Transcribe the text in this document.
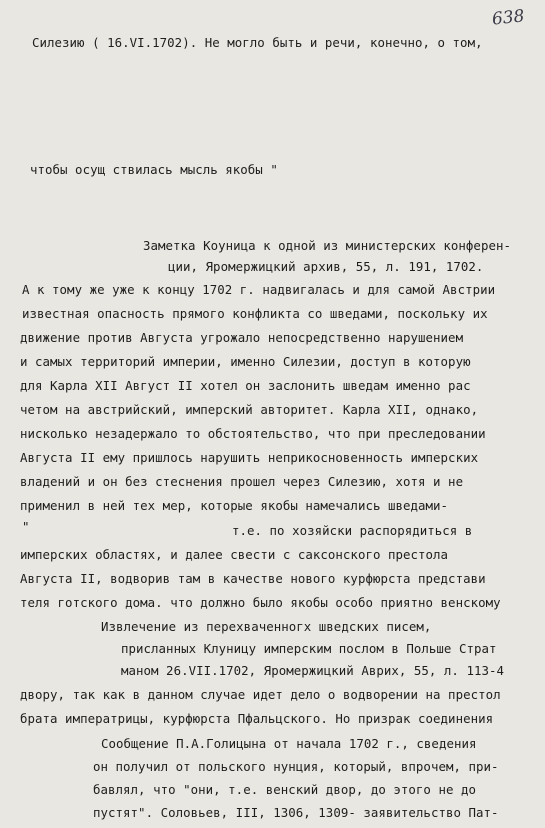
638
Силезию ( 16.VI.1702). Не могло быть и речи, конечно, о том,
чтобы осущ ствилась мысль якобы "
Заметка Коуница к одной из министерских конферен-
ции, Яромержицкий архив, 55, л. 191, 1702.
А к тому же уже к концу 1702 г. надвигалась и для самой Австрии
известная опасность прямого конфликта со шведами, поскольку их
движение против Августа угрожало непосредственно нарушением
и самых территорий империи, именно Силезии, доступ в которую
для Карла XII Август II хотел он заслонить шведам именно рас
четом на австрийский, имперский авторитет. Карла XII, однако,
нисколько незадержало то обстоятельство, что при преследовании
Августа II ему пришлось нарушить неприкосновенность имперских
владений и он без стеснения прошел через Силезию, хотя и не
применил в ней тех мер, которые якобы намечались шведами-
"	т.е. по хозяйски распорядиться в
имперских областях, и далее свести с саксонского престола
Августа II, водворив там в качестве нового курфюрста представи
теля готского дома. что должно было якобы особо приятно венскому
Извлечение из перехваченногх шведских писем,
присланных Клуницу имперским послом в Польше Страт
маном 26.VII.1702, Яромержицкий Аврих, 55, л. 113-4
двору, так как в данном случае идет дело о водворении на престол
брата императрицы, курфюрста Пфальцского. Но призрак соединения
Сообщение П.А.Голицына от начала 1702 г., сведения
он получил от польского нунция, который, впрочем, при-
бавлял, что "они, т.е. венский двор, до этого не до
пустят". Соловьев, III, 1306, 1309- заявительство Пат-
